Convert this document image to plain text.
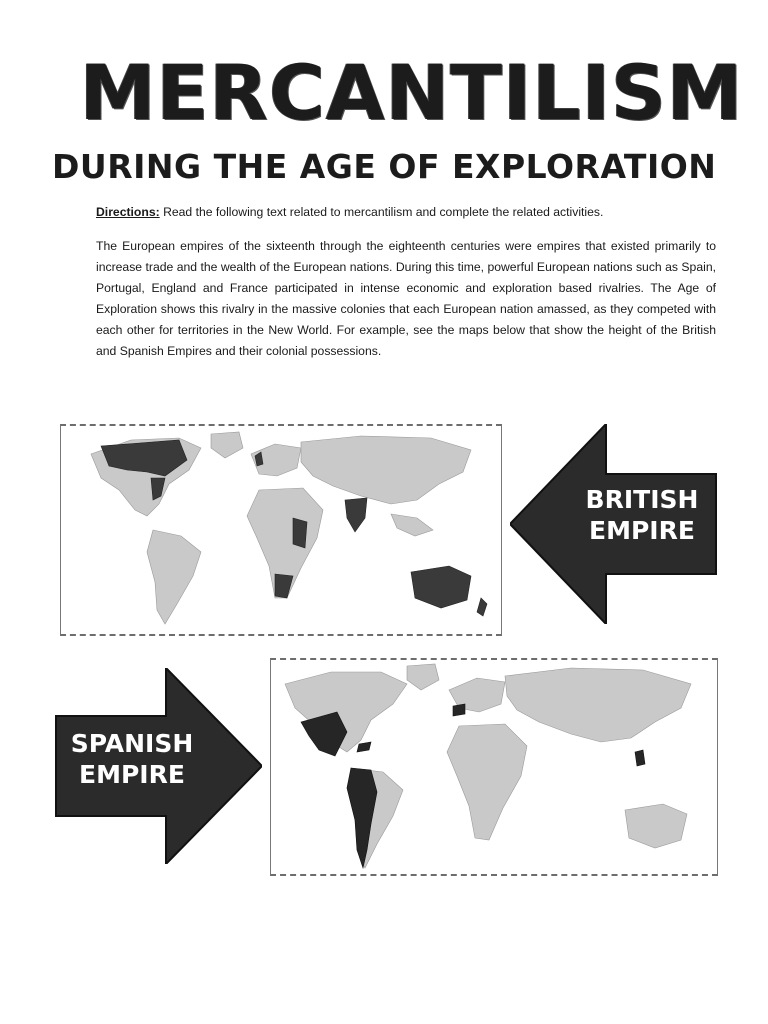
MERCANTILISM
DURING THE AGE OF EXPLORATION

Directions: Read the following text related to mercantilism and complete the related activities.

The European empires of the sixteenth through the eighteenth centuries were empires that existed primarily to increase trade and the wealth of the European nations. During this time, powerful European nations such as Spain, Portugal, England and France participated in intense economic and exploration based rivalries. The Age of Exploration shows this rivalry in the massive colonies that each European nation amassed, as they competed with each other for territories in the New World. For example, see the maps below that show the height of the British and Spanish Empires and their colonial possessions.

BRITISH
EMPIRE
SPANISH
EMPIRE
